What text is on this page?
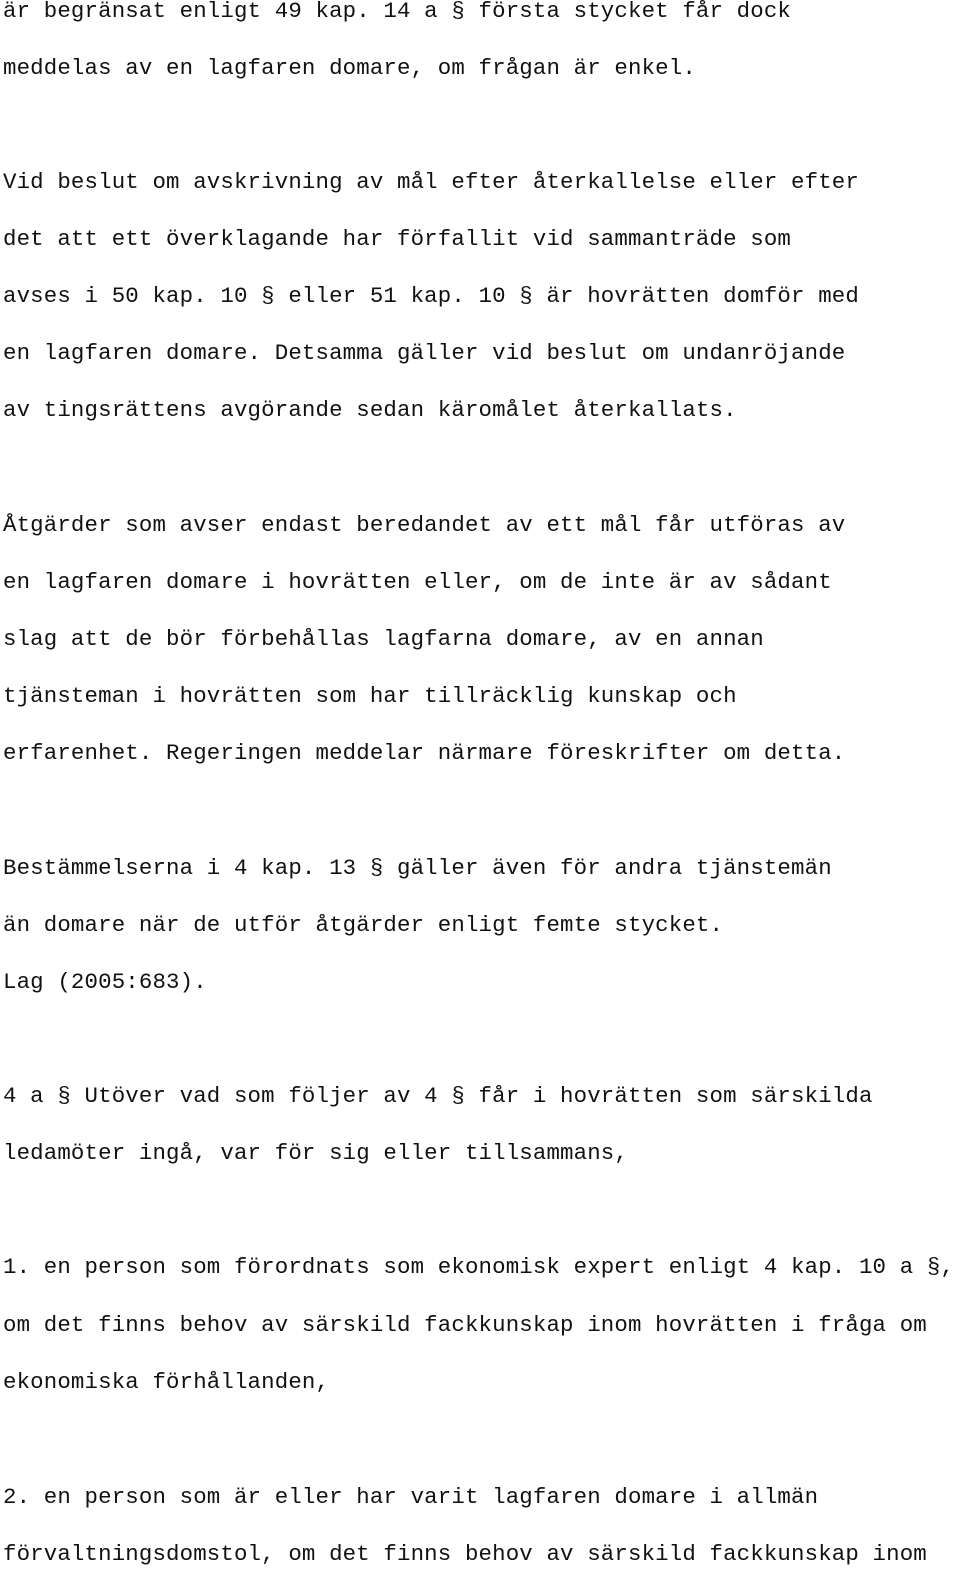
är begränsat enligt 49 kap. 14 a § första stycket får dock
meddelas av en lagfaren domare, om frågan är enkel.
Vid beslut om avskrivning av mål efter återkallelse eller efter
det att ett överklagande har förfallit vid sammanträde som
avses i 50 kap. 10 § eller 51 kap. 10 § är hovrätten domför med
en lagfaren domare. Detsamma gäller vid beslut om undanröjande
av tingsrättens avgörande sedan käromålet återkallats.
Åtgärder som avser endast beredandet av ett mål får utföras av
en lagfaren domare i hovrätten eller, om de inte är av sådant
slag att de bör förbehållas lagfarna domare, av en annan
tjänsteman i hovrätten som har tillräcklig kunskap och
erfarenhet. Regeringen meddelar närmare föreskrifter om detta.
Bestämmelserna i 4 kap. 13 § gäller även för andra tjänstemän
än domare när de utför åtgärder enligt femte stycket.
Lag (2005:683).
4 a § Utöver vad som följer av 4 § får i hovrätten som särskilda
ledamöter ingå, var för sig eller tillsammans,
1. en person som förordnats som ekonomisk expert enligt 4 kap. 10 a §,
om det finns behov av särskild fackkunskap inom hovrätten i fråga om
ekonomiska förhållanden,
2. en person som är eller har varit lagfaren domare i allmän
förvaltningsdomstol, om det finns behov av särskild fackkunskap inom
